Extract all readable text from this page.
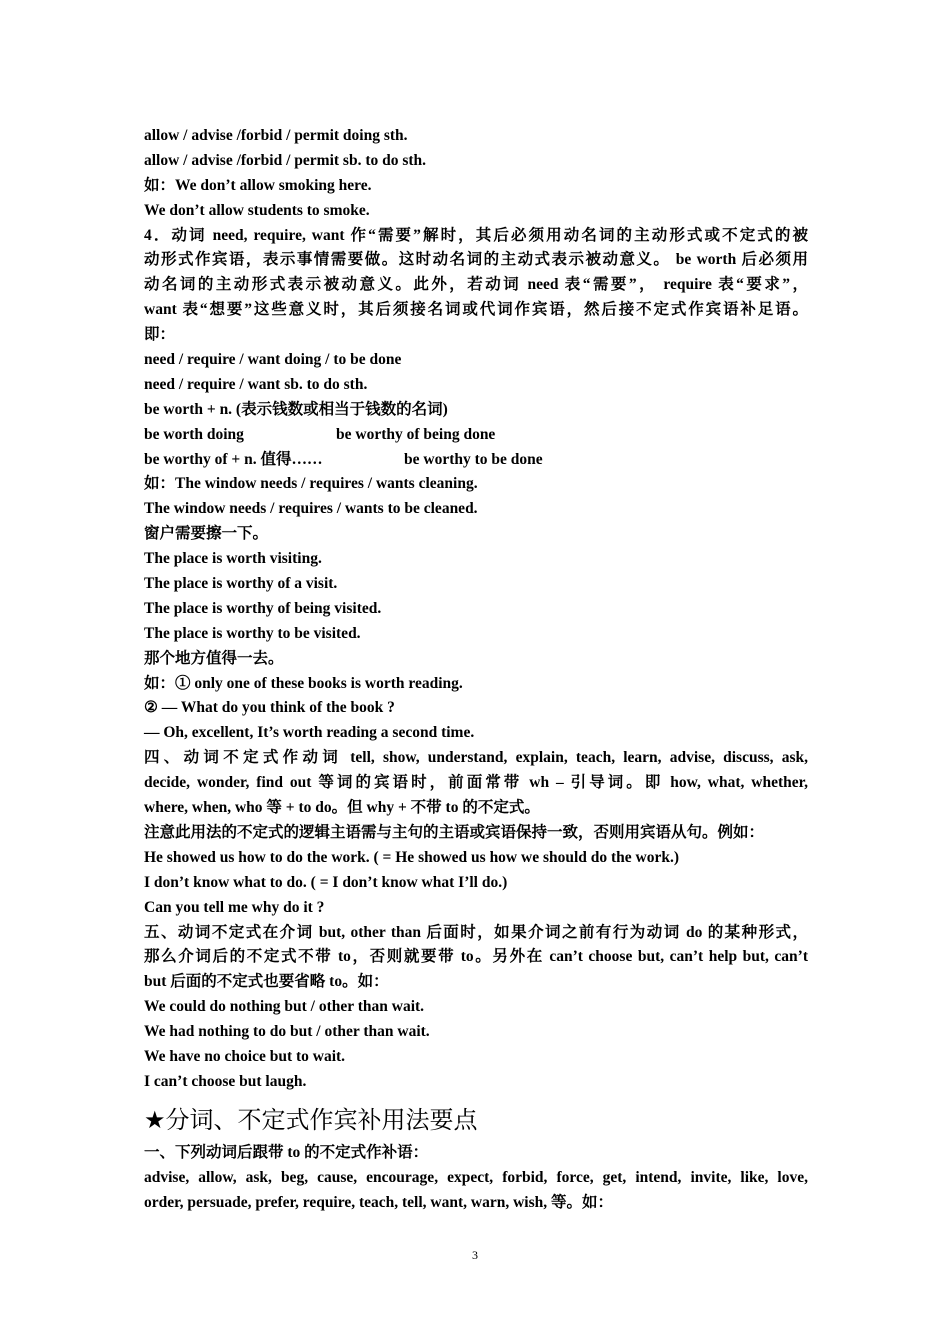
allow / advise /forbid / permit doing sth.
allow / advise /forbid / permit sb. to do sth.
如：We don’t allow smoking here.
We don’t allow students to smoke.
4．动词 need, require, want 作“需要”解时，其后必须用动名词的主动形式或不定式的被
动形式作宾语，表示事情需要做。这时动名词的主动式表示被动意义。 be worth 后必须用
动名词的主动形式表示被动意义。此外，若动词 need 表“需要”， require 表“要求”，
want 表“想要”这些意义时，其后须接名词或代词作宾语，然后接不定式作宾语补足语。
即：
need / require / want doing / to be done
need / require / want sb. to do sth.
be worth + n. (表示钱数或相当于钱数的名词)
be worth doing	be worthy of being done
be worthy of + n. 值得……	be worthy to be done
如：The window needs / requires / wants cleaning.
The window needs / requires / wants to be cleaned.
窗户需要擦一下。
The place is worth visiting.
The place is worthy of a visit.
The place is worthy of being visited.
The place is worthy to be visited.
那个地方值得一去。
如：① only one of these books is worth reading.
② — What do you think of the book ?
— Oh, excellent, It’s worth reading a second time.
四、动词不定式作动词 tell, show, understand, explain, teach, learn, advise, discuss, ask,
decide, wonder, find out 等词的宾语时，前面常带 wh – 引导词。即 how, what, whether,
where, when, who 等 + to do。但 why + 不带 to 的不定式。
注意此用法的不定式的逻辑主语需与主句的主语或宾语保持一致，否则用宾语从句。例如：
He showed us how to do the work. ( = He showed us how we should do the work.)
I don’t know what to do. ( = I don’t know what I’ll do.)
Can you tell me why do it ?
五、动词不定式在介词 but, other than 后面时，如果介词之前有行为动词 do 的某种形式，
那么介词后的不定式不带 to，否则就要带 to。另外在 can’t choose but, can’t help but, can’t
but 后面的不定式也要省略 to。如：
We could do nothing but / other than wait.
We had nothing to do but / other than wait.
We have no choice but to wait.
I can’t choose but laugh.
★分词、不定式作宾补用法要点
一、下列动词后跟带 to 的不定式作补语：
advise, allow, ask, beg, cause, encourage, expect, forbid, force, get, intend, invite, like, love,
order, persuade, prefer, require, teach, tell, want, warn, wish, 等。如：
3
